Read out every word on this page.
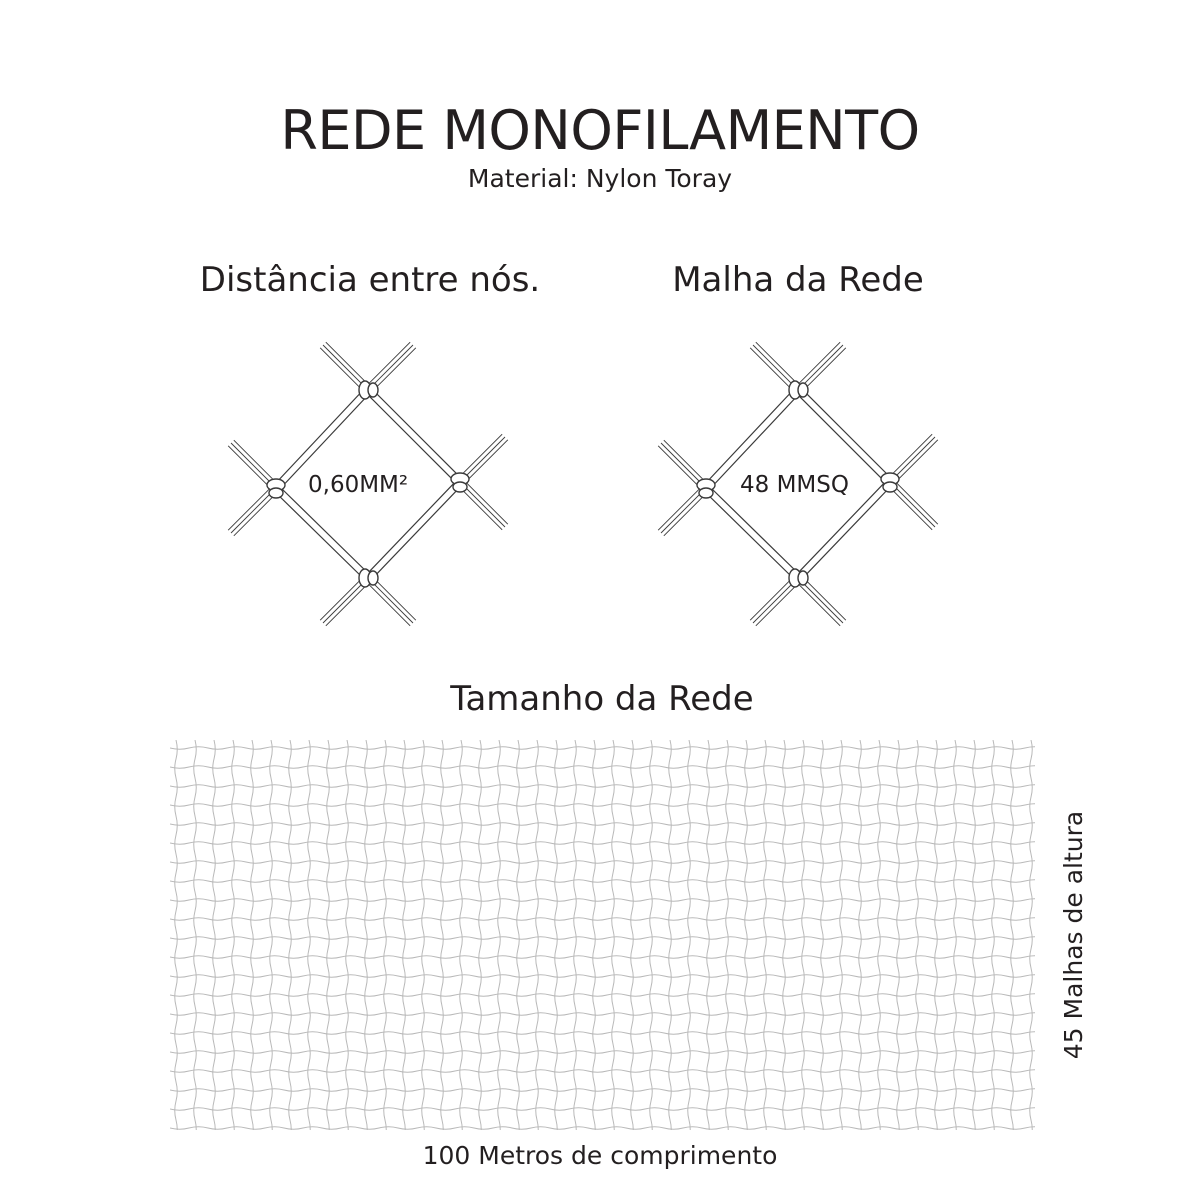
REDE MONOFILAMENTO
Material: Nylon Toray
Distância entre nós.	Malha da Rede
0,60MM²	48 MMSQ
Tamanho da Rede
100 Metros de comprimento
45 Malhas de altura
